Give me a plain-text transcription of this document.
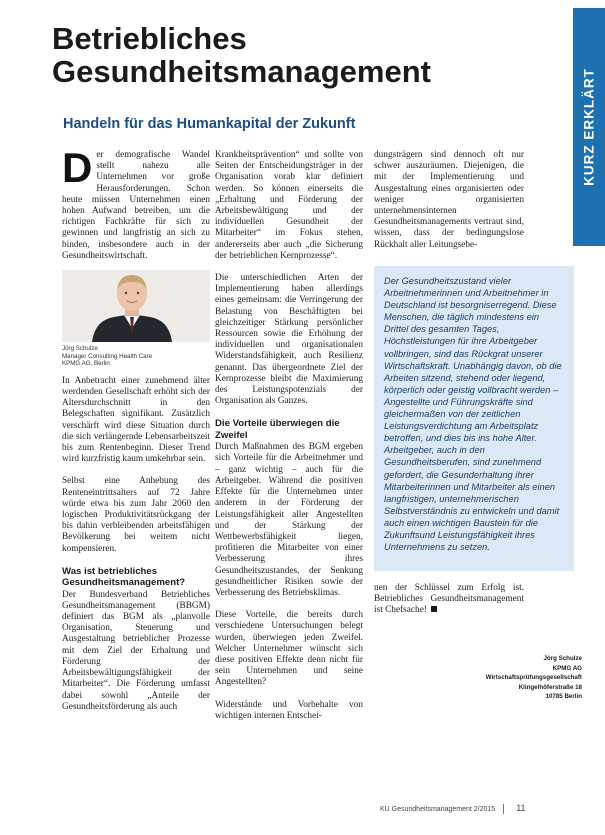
KURZ ERKLÄRT
Betriebliches
Gesundheitsmanagement
Handeln für das Humankapital der Zukunft

Der demografische Wandel stellt nahezu alle Unternehmen vor große Herausforderungen. Schon heute müssen Unternehmen einen hohen Aufwand betreiben, um die richtigen Fachkräfte für sich zu gewinnen und langfristig an sich zu binden, insbesondere auch in der Gesundheitswirtschaft.

Jörg Schulze
Manager Consulting Health Care
KPMG AG, Berlin

In Anbetracht einer zunehmend älter werdenden Gesellschaft erhöht sich der Altersdurchschnitt in den Belegschaften signifikant. Zusätzlich verschärft wird diese Situation durch die sich verlängernde Lebensarbeitszeit bis zum Rentenbeginn. Dieser Trend wird kurzfristig kaum umkehrbar sein.

Selbst eine Anhebung des Renteneintrittsalters auf 72 Jahre würde etwa bis zum Jahr 2060 den logischen Produktivitätsrückgang der bis dahin verbleibenden arbeitsfähigen Bevölkerung bei weitem nicht kompensieren.

Was ist betriebliches Gesundheitsmanagement?

Der Bundesverband Betriebliches Gesundheitsmanagement (BBGM) definiert das BGM als „planvolle Organisation, Steuerung und Ausgestaltung betrieblicher Prozesse mit dem Ziel der Erhaltung und Förderung der Arbeitsbewältigungsfähigkeit der Mitarbeiter“. Die Förderung umfasst dabei sowohl „Anteile der Gesundheitsförderung als auch

Krankheitsprävention“ und sollte von Seiten der Entscheidungsträger in der Organisation vorab klar definiert werden. So können einerseits die „Erhaltung und Förderung der Arbeitsbewältigung und der individuellen Gesundheit der Mitarbeiter“ im Fokus stehen, andererseits aber auch „die Sicherung der betrieblichen Kernprozesse“.

Die unterschiedlichen Arten der Implementierung haben allerdings eines gemeinsam: die Verringerung der Belastung von Beschäftigten bei gleichzeitiger Stärkung persönlicher Ressourcen sowie die Erhöhung der individuellen und organisationalen Widerstandsfähigkeit, auch Resilienz genannt. Das übergeordnete Ziel der Kernprozesse bleibt die Maximierung des Leistungspotenzials der Organisation als Ganzes.

Die Vorteile überwiegen die Zweifel

Durch Maßnahmen des BGM ergeben sich Vorteile für die Arbeitnehmer und – ganz wichtig – auch für die Arbeitgeber. Während die positiven Effekte für die Unternehmen unter anderem in der Förderung der Leistungsfähigkeit aller Angestellten und der Stärkung der Wettbewerbsfähigkeit liegen, profitieren die Mitarbeiter von einer Verbesserung ihres Gesundheitszustandes, der Senkung gesundheitlicher Risiken sowie der Verbesserung des Betriebsklimas.

Diese Vorteile, die bereits durch verschiedene Untersuchungen belegt wurden, überwiegen jeden Zweifel. Welcher Unternehmer wünscht sich diese positiven Effekte denn nicht für sein Unternehmen und seine Angestellten?

Widerstände und Vorbehalte von wichtigen internen Entschei-

dungsträgern sind dennoch oft nur schwer auszuräumen. Diejenigen, die mit der Implementierung und Ausgestaltung eines organisierten oder weniger organisierten unternehmensinternen Gesundheitsmanagements vertraut sind, wissen, dass der bedingungslose Rückhalt aller Leitungsebe-

Der Gesundheitszustand vieler Arbeitnehmerinnen und Arbeitnehmer in Deutschland ist besorgniserregend. Diese Menschen, die täglich mindestens ein Drittel des gesamten Tages, Höchstleistungen für ihre Arbeitgeber vollbringen, sind das Rückgrat unserer Wirtschaftskraft. Unabhängig davon, ob die Arbeiten sitzend, stehend oder liegend, körperlich oder geistig vollbracht werden – Angestellte und Führungskräfte sind gleichermaßen von der zeitlichen Leistungsverdichtung am Arbeitsplatz betroffen, und dies bis ins hohe Alter. Arbeitgeber, auch in den Gesundheitsberufen, sind zunehmend gefordert, die Gesunderhaltung ihrer Mitarbeiterinnen und Mitarbeiter als einen langfristigen, unternehmerischen Selbstverständnis zu entwickeln und damit auch einen wichtigen Baustein für die Zukunftsund Leistungsfähigkeit ihres Unternehmens zu setzen.

nen der Schlüssel zum Erfolg ist. Betriebliches Gesundheitsmanagement ist Chefsache!

Jörg Schulze
KPMG AG
Wirtschaftsprüfungsgesellschaft
Klingelhöferstraße 18
10785 Berlin
KU Gesundheitsmanagement 2/2015 11
